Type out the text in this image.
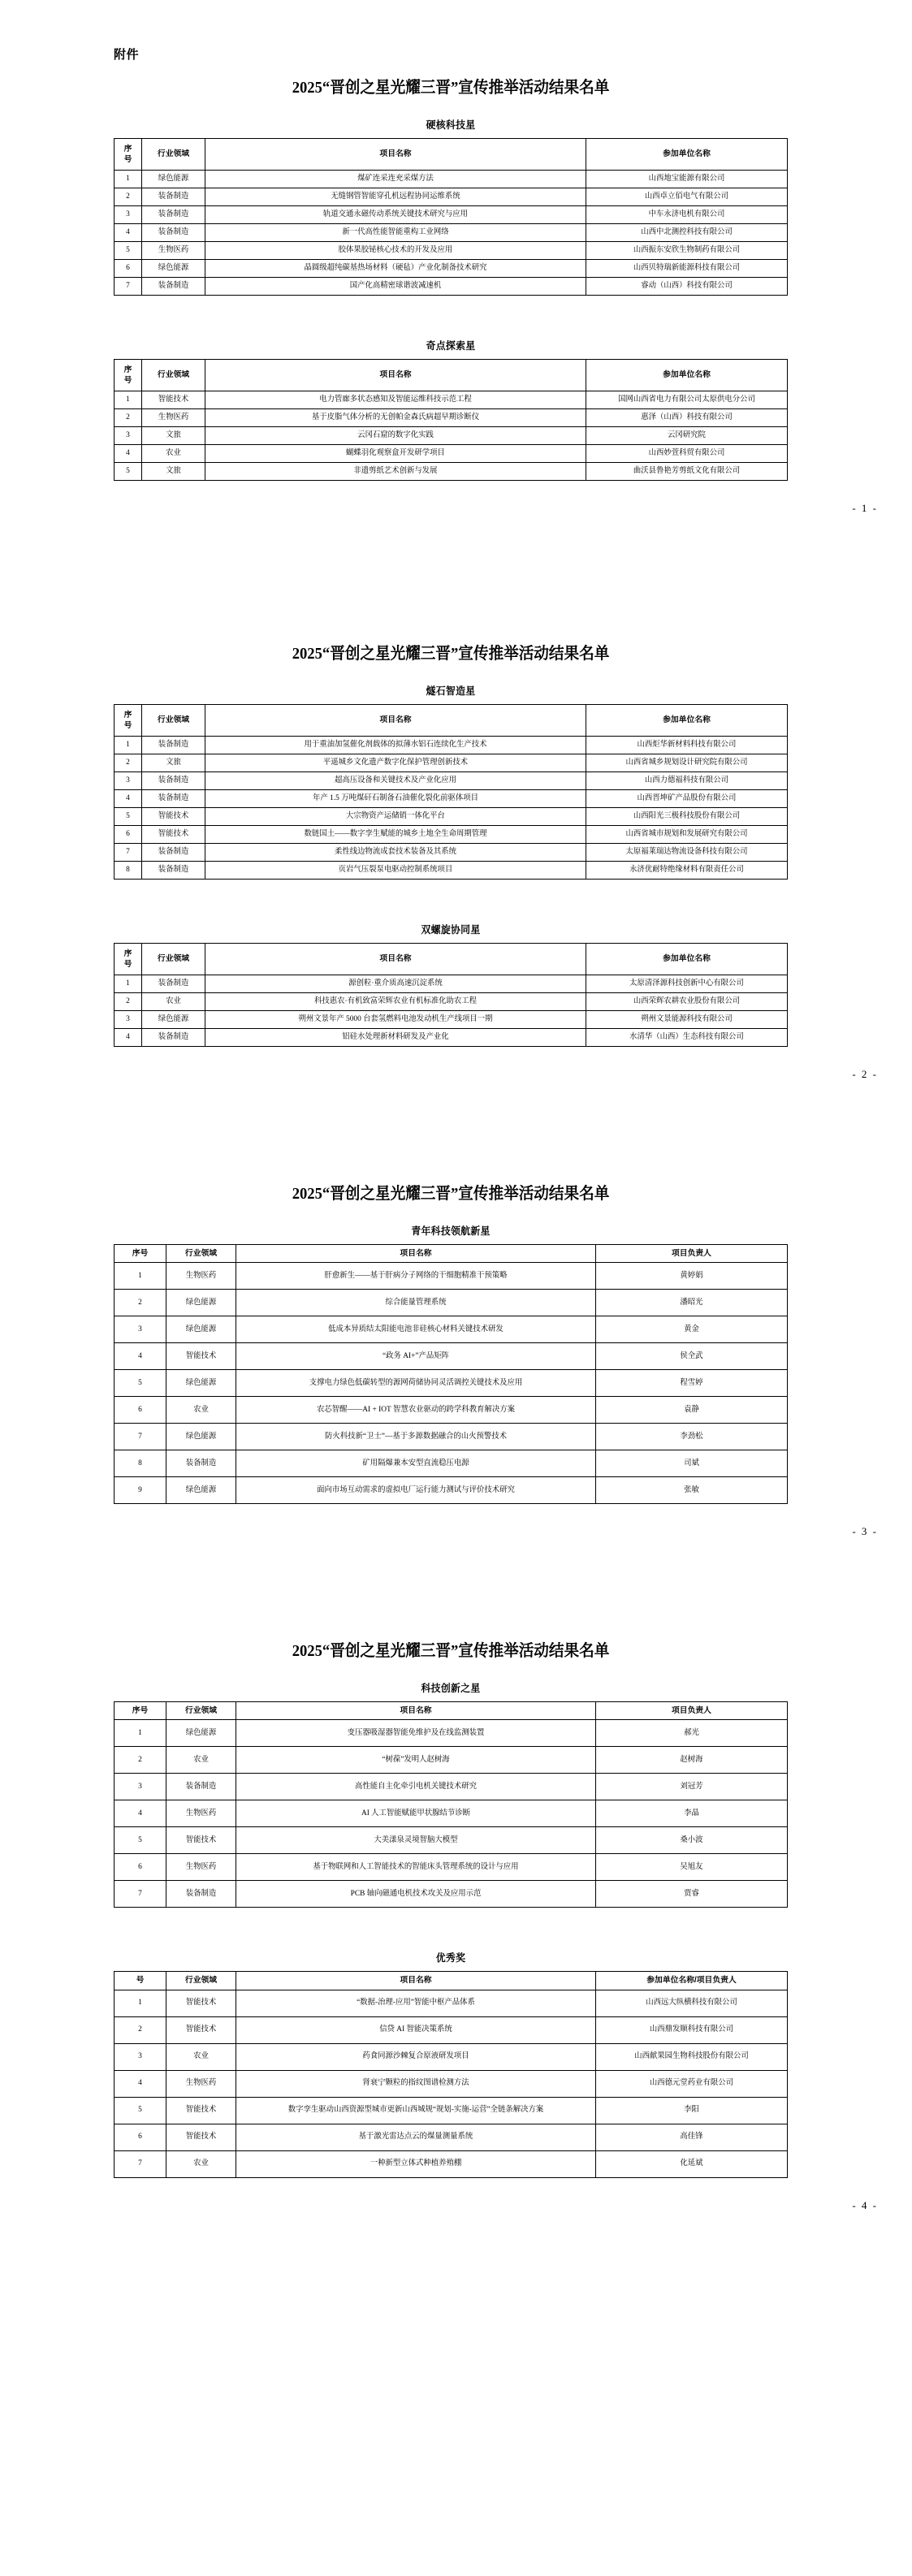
附件
2025“晋创之星光耀三晋”宣传推举活动结果名单
硬核科技星
序
号	行业领域	项目名称	参加单位名称
1	绿色能源	煤矿连采连充采煤方法	山西地宝能源有限公司
2	装备制造	无缝钢管智能穿孔机远程协同运维系统	山西卓立佰电气有限公司
3	装备制造	轨道交通永磁传动系统关键技术研究与应用	中车永济电机有限公司
4	装备制造	新一代高性能智能重构工业网络	山西中北测控科技有限公司
5	生物医药	胶体果胶铋核心技术的开发及应用	山西振东安欣生物制药有限公司
6	绿色能源	晶圆级超纯碳基热场材料（硬毡）产业化制备技术研究	山西贝特瑞新能源科技有限公司
7	装备制造	国产化高精密球谐波减速机	睿动（山西）科技有限公司
奇点探索星
序
号	行业领域	项目名称	参加单位名称
1	智能技术	电力管廊多状态感知及智能运维科技示范工程	国网山西省电力有限公司太原供电分公司
2	生物医药	基于皮脂气体分析的无创帕金森氏病超早期诊断仪	惠泽（山西）科技有限公司
3	文旅	云冈石窟的数字化实践	云冈研究院
4	农业	蝴蝶羽化观察盒开发研学项目	山西妙萱科贸有限公司
5	文旅	非遗剪纸艺术创新与发展	曲沃县鲁艳芳剪纸文化有限公司
- 1 -
2025“晋创之星光耀三晋”宣传推举活动结果名单
燧石智造星
序
号	行业领域	项目名称	参加单位名称
1	装备制造	用于重油加氢催化剂载体的拟薄水铝石连续化生产技术	山西炬华新材料科技有限公司
2	文旅	平遥城乡文化遗产数字化保护管理创新技术	山西省城乡规划设计研究院有限公司
3	装备制造	超高压设备和关键技术及产业化应用	山西力德福科技有限公司
4	装备制造	年产 1.5 万吨煤矸石制备石油催化裂化前驱体项目	山西晋坤矿产品股份有限公司
5	智能技术	大宗物资产运储销一体化平台	山西阳光三极科技股份有限公司
6	智能技术	数链国土——数字孪生赋能的城乡土地全生命周期管理	山西省城市规划和发展研究有限公司
7	装备制造	柔性线边物流成套技术装备及其系统	太原福莱瑞达物流设备科技有限公司
8	装备制造	页岩气压裂泵电驱动控制系统项目	永济优耐特绝缘材料有限责任公司
双螺旋协同星
序
号	行业领域	项目名称	参加单位名称
1	装备制造	源创粒·重介质高速沉淀系统	太原清泽源科技创新中心有限公司
2	农业	科技惠农·有机致富荣辉农业有机标准化助农工程	山西荣辉农耕农业股份有限公司
3	绿色能源	朔州文景年产 5000 台套氢燃料电池发动机生产线项目一期	朔州文景能源科技有限公司
4	装备制造	铝硅水处理新材料研发及产业化	水清华（山西）生态科技有限公司
- 2 -
2025“晋创之星光耀三晋”宣传推举活动结果名单
青年科技领航新星
序号	行业领域	项目名称	项目负责人
1	生物医药	肝愈新生——基于肝病分子网络的干细胞精准干预策略	黄婷娟
2	绿色能源	综合能量管理系统	潘昭光
3	绿色能源	低成本异质结太阳能电池非硅核心材料关键技术研发	黄金
4	智能技术	“政务 AI+”产品矩阵	侯全武
5	绿色能源	支撑电力绿色低碳转型的源网荷储协同灵活调控关键技术及应用	程雪婷
6	农业	农芯智醒——AI + IOT 智慧农业驱动的跨学科教育解决方案	袁静
7	绿色能源	防火科技新“卫士”—基于多源数据融合的山火预警技术	李劲松
8	装备制造	矿用隔爆兼本安型直流稳压电源	司斌
9	绿色能源	面向市场互动需求的虚拟电厂运行能力测试与评价技术研究	张敏
- 3 -
2025“晋创之星光耀三晋”宣传推举活动结果名单
科技创新之星
序号	行业领域	项目名称	项目负责人
1	绿色能源	变压器吸湿器智能免维护及在线监测装置	郝光
2	农业	“树葆”发明人赵树海	赵树海
3	装备制造	高性能自主化牵引电机关键技术研究	刘冠芳
4	生物医药	AI 人工智能赋能甲状腺结节诊断	李晶
5	智能技术	大美漾泉灵境智脑大模型	桑小波
6	生物医药	基于物联网和人工智能技术的智能床头管理系统的设计与应用	吴旭友
7	装备制造	PCB 轴向磁通电机技术攻关及应用示范	贾睿
优秀奖
号	行业领域	项目名称	参加单位名称/项目负责人
1	智能技术	“数据-治理-应用”智能中枢产品体系	山西远大纵横科技有限公司
2	智能技术	信贷 AI 智能决策系统	山西鼎发顺科技有限公司
3	农业	药食同源沙棘复合原液研发项目	山西献果园生物科技股份有限公司
4	生物医药	肾衰宁颗粒的指纹图谱检测方法	山西德元堂药业有限公司
5	智能技术	数字孪生驱动山西资源型城市更新山西城规“规划-实施-运营”全链条解决方案	李阳
6	智能技术	基于激光雷达点云的煤量测量系统	高佳锋
7	农业	一种新型立体式种植养殖棚	化延斌
- 4 -
